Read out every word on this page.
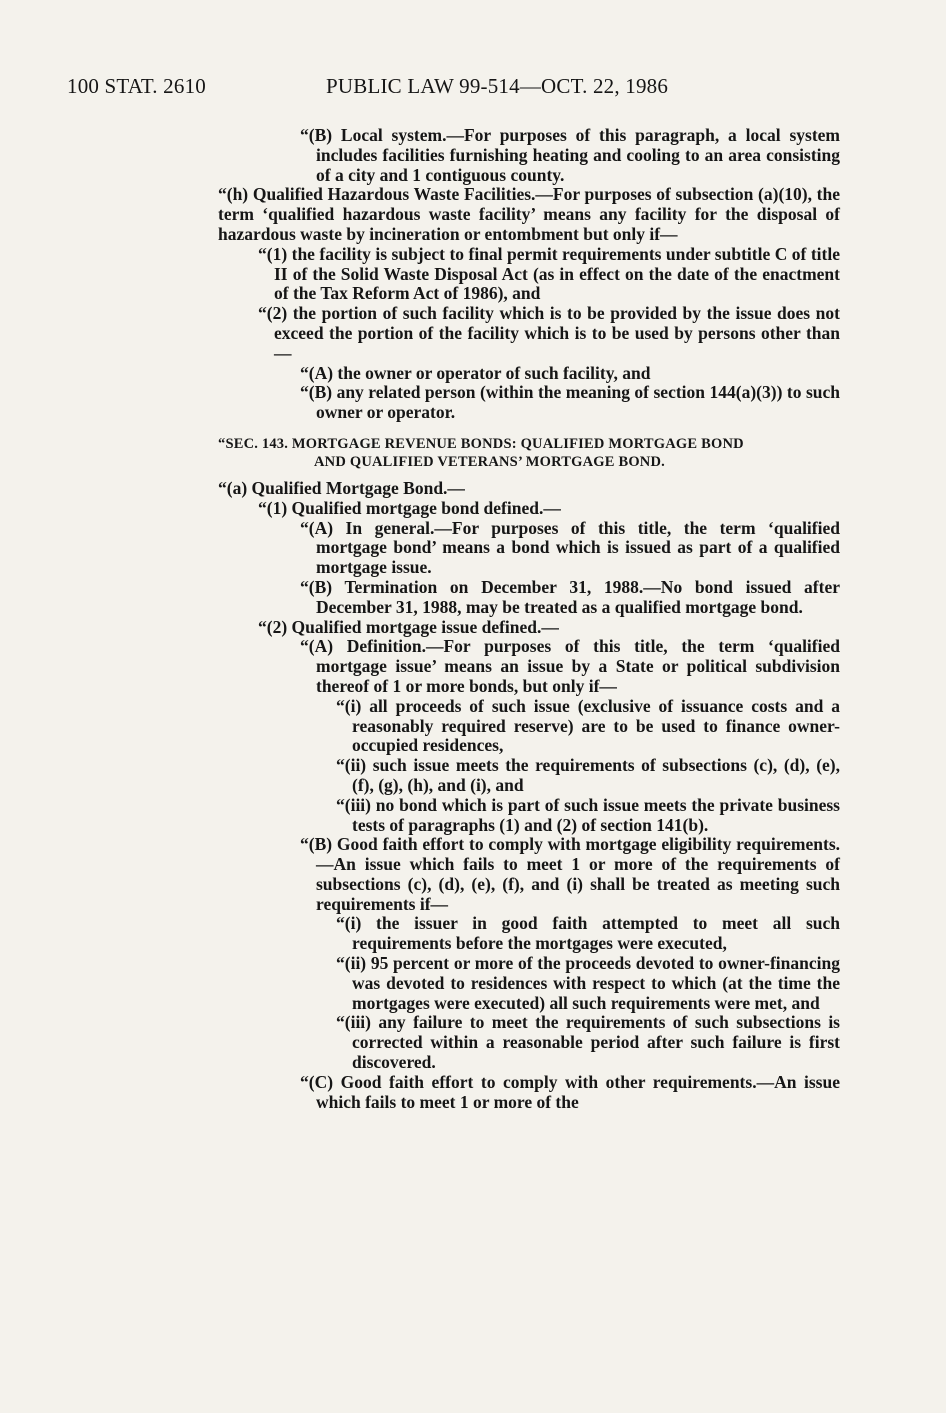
100 STAT. 2610	PUBLIC LAW 99-514—OCT. 22, 1986

“(B) Local system.—For purposes of this paragraph, a local system includes facilities furnishing heating and cooling to an area consisting of a city and 1 contiguous county.

“(h) Qualified Hazardous Waste Facilities.—For purposes of subsection (a)(10), the term ‘qualified hazardous waste facility’ means any facility for the disposal of hazardous waste by incineration or entombment but only if—

“(1) the facility is subject to final permit requirements under subtitle C of title II of the Solid Waste Disposal Act (as in effect on the date of the enactment of the Tax Reform Act of 1986), and

“(2) the portion of such facility which is to be provided by the issue does not exceed the portion of the facility which is to be used by persons other than—

“(A) the owner or operator of such facility, and

“(B) any related person (within the meaning of section 144(a)(3)) to such owner or operator.

“SEC. 143. MORTGAGE REVENUE BONDS: QUALIFIED MORTGAGE BOND
AND QUALIFIED VETERANS’ MORTGAGE BOND.

“(a) Qualified Mortgage Bond.—

“(1) Qualified mortgage bond defined.—

“(A) In general.—For purposes of this title, the term ‘qualified mortgage bond’ means a bond which is issued as part of a qualified mortgage issue.

“(B) Termination on December 31, 1988.—No bond issued after December 31, 1988, may be treated as a qualified mortgage bond.

“(2) Qualified mortgage issue defined.—

“(A) Definition.—For purposes of this title, the term ‘qualified mortgage issue’ means an issue by a State or political subdivision thereof of 1 or more bonds, but only if—

“(i) all proceeds of such issue (exclusive of issuance costs and a reasonably required reserve) are to be used to finance owner-occupied residences,

“(ii) such issue meets the requirements of subsections (c), (d), (e), (f), (g), (h), and (i), and

“(iii) no bond which is part of such issue meets the private business tests of paragraphs (1) and (2) of section 141(b).

“(B) Good faith effort to comply with mortgage eligibility requirements.—An issue which fails to meet 1 or more of the requirements of subsections (c), (d), (e), (f), and (i) shall be treated as meeting such requirements if—

“(i) the issuer in good faith attempted to meet all such requirements before the mortgages were executed,

“(ii) 95 percent or more of the proceeds devoted to owner-financing was devoted to residences with respect to which (at the time the mortgages were executed) all such requirements were met, and

“(iii) any failure to meet the requirements of such subsections is corrected within a reasonable period after such failure is first discovered.

“(C) Good faith effort to comply with other requirements.—An issue which fails to meet 1 or more of the
